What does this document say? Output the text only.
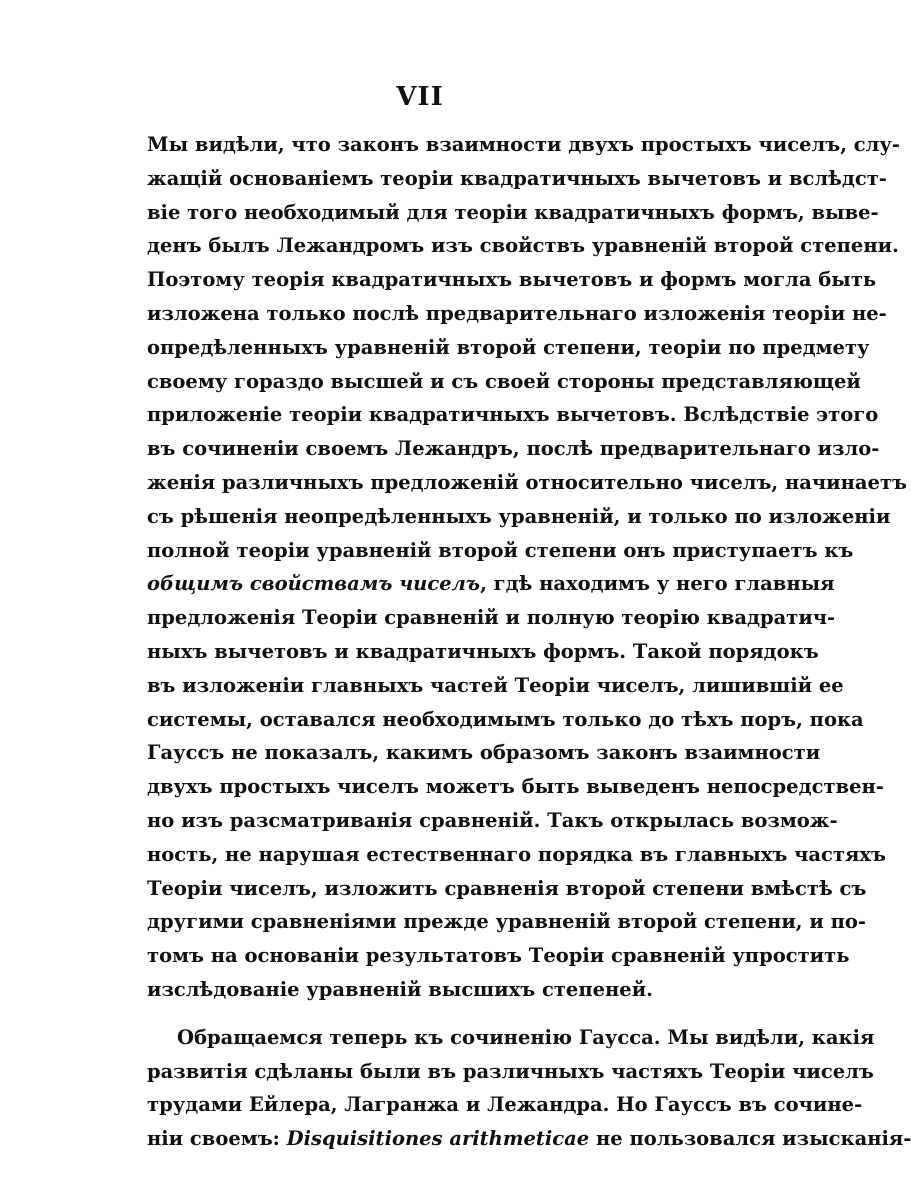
VII
Мы видѣли, что законъ взаимности двухъ простыхъ чиселъ, слу-
жащiй основанiемъ теорiи квадратичныхъ вычетовъ и вслѣдст-
вiе того необходимый для теорiи квадратичныхъ формъ, выве-
денъ былъ Лежандромъ изъ свойствъ уравненiй второй степени.
Поэтому теорiя квадратичныхъ вычетовъ и формъ могла быть
изложена только послѣ предварительнаго изложенiя теорiи не-
опредѣленныхъ уравненiй второй степени, теорiи по предмету
своему гораздо высшей и съ своей стороны представляющей
приложенiе теорiи квадратичныхъ вычетовъ. Вслѣдствiе этого
въ сочиненiи своемъ Лежандръ, послѣ предварительнаго изло-
женiя различныхъ предложенiй относительно чиселъ, начинаетъ
съ рѣшенiя неопредѣленныхъ уравненiй, и только по изложенiи
полной теорiи уравненiй второй степени онъ приступаетъ къ
общимъ свойствамъ чиселъ, гдѣ находимъ у него главныя
предложенiя Теорiи сравненiй и полную теорiю квадратич-
ныхъ вычетовъ и квадратичныхъ формъ. Такой порядокъ
въ изложенiи главныхъ частей Теорiи чиселъ, лишившiй ее
системы, оставался необходимымъ только до тѣхъ поръ, пока
Гауссъ не показалъ, какимъ образомъ законъ взаимности
двухъ простыхъ чиселъ можетъ быть выведенъ непосредствен-
но изъ разсматриванiя сравненiй. Такъ открылась возмож-
ность, не нарушая естественнаго порядка въ главныхъ частяхъ
Теорiи чиселъ, изложить сравненiя второй степени вмѣстѣ съ
другими сравненiями прежде уравненiй второй степени, и по-
томъ на основанiи результатовъ Теорiи сравненiй упростить
изслѣдованiе уравненiй высшихъ степеней.
Обращаемся теперь къ сочиненiю Гаусса. Мы видѣли, какiя
развитiя сдѣланы были въ различныхъ частяхъ Теорiи чиселъ
трудами Ейлера, Лагранжа и Лежандра. Но Гауссъ въ сочине-
нiи своемъ: Disquisitiones arithmeticae не пользовался изысканiя-
